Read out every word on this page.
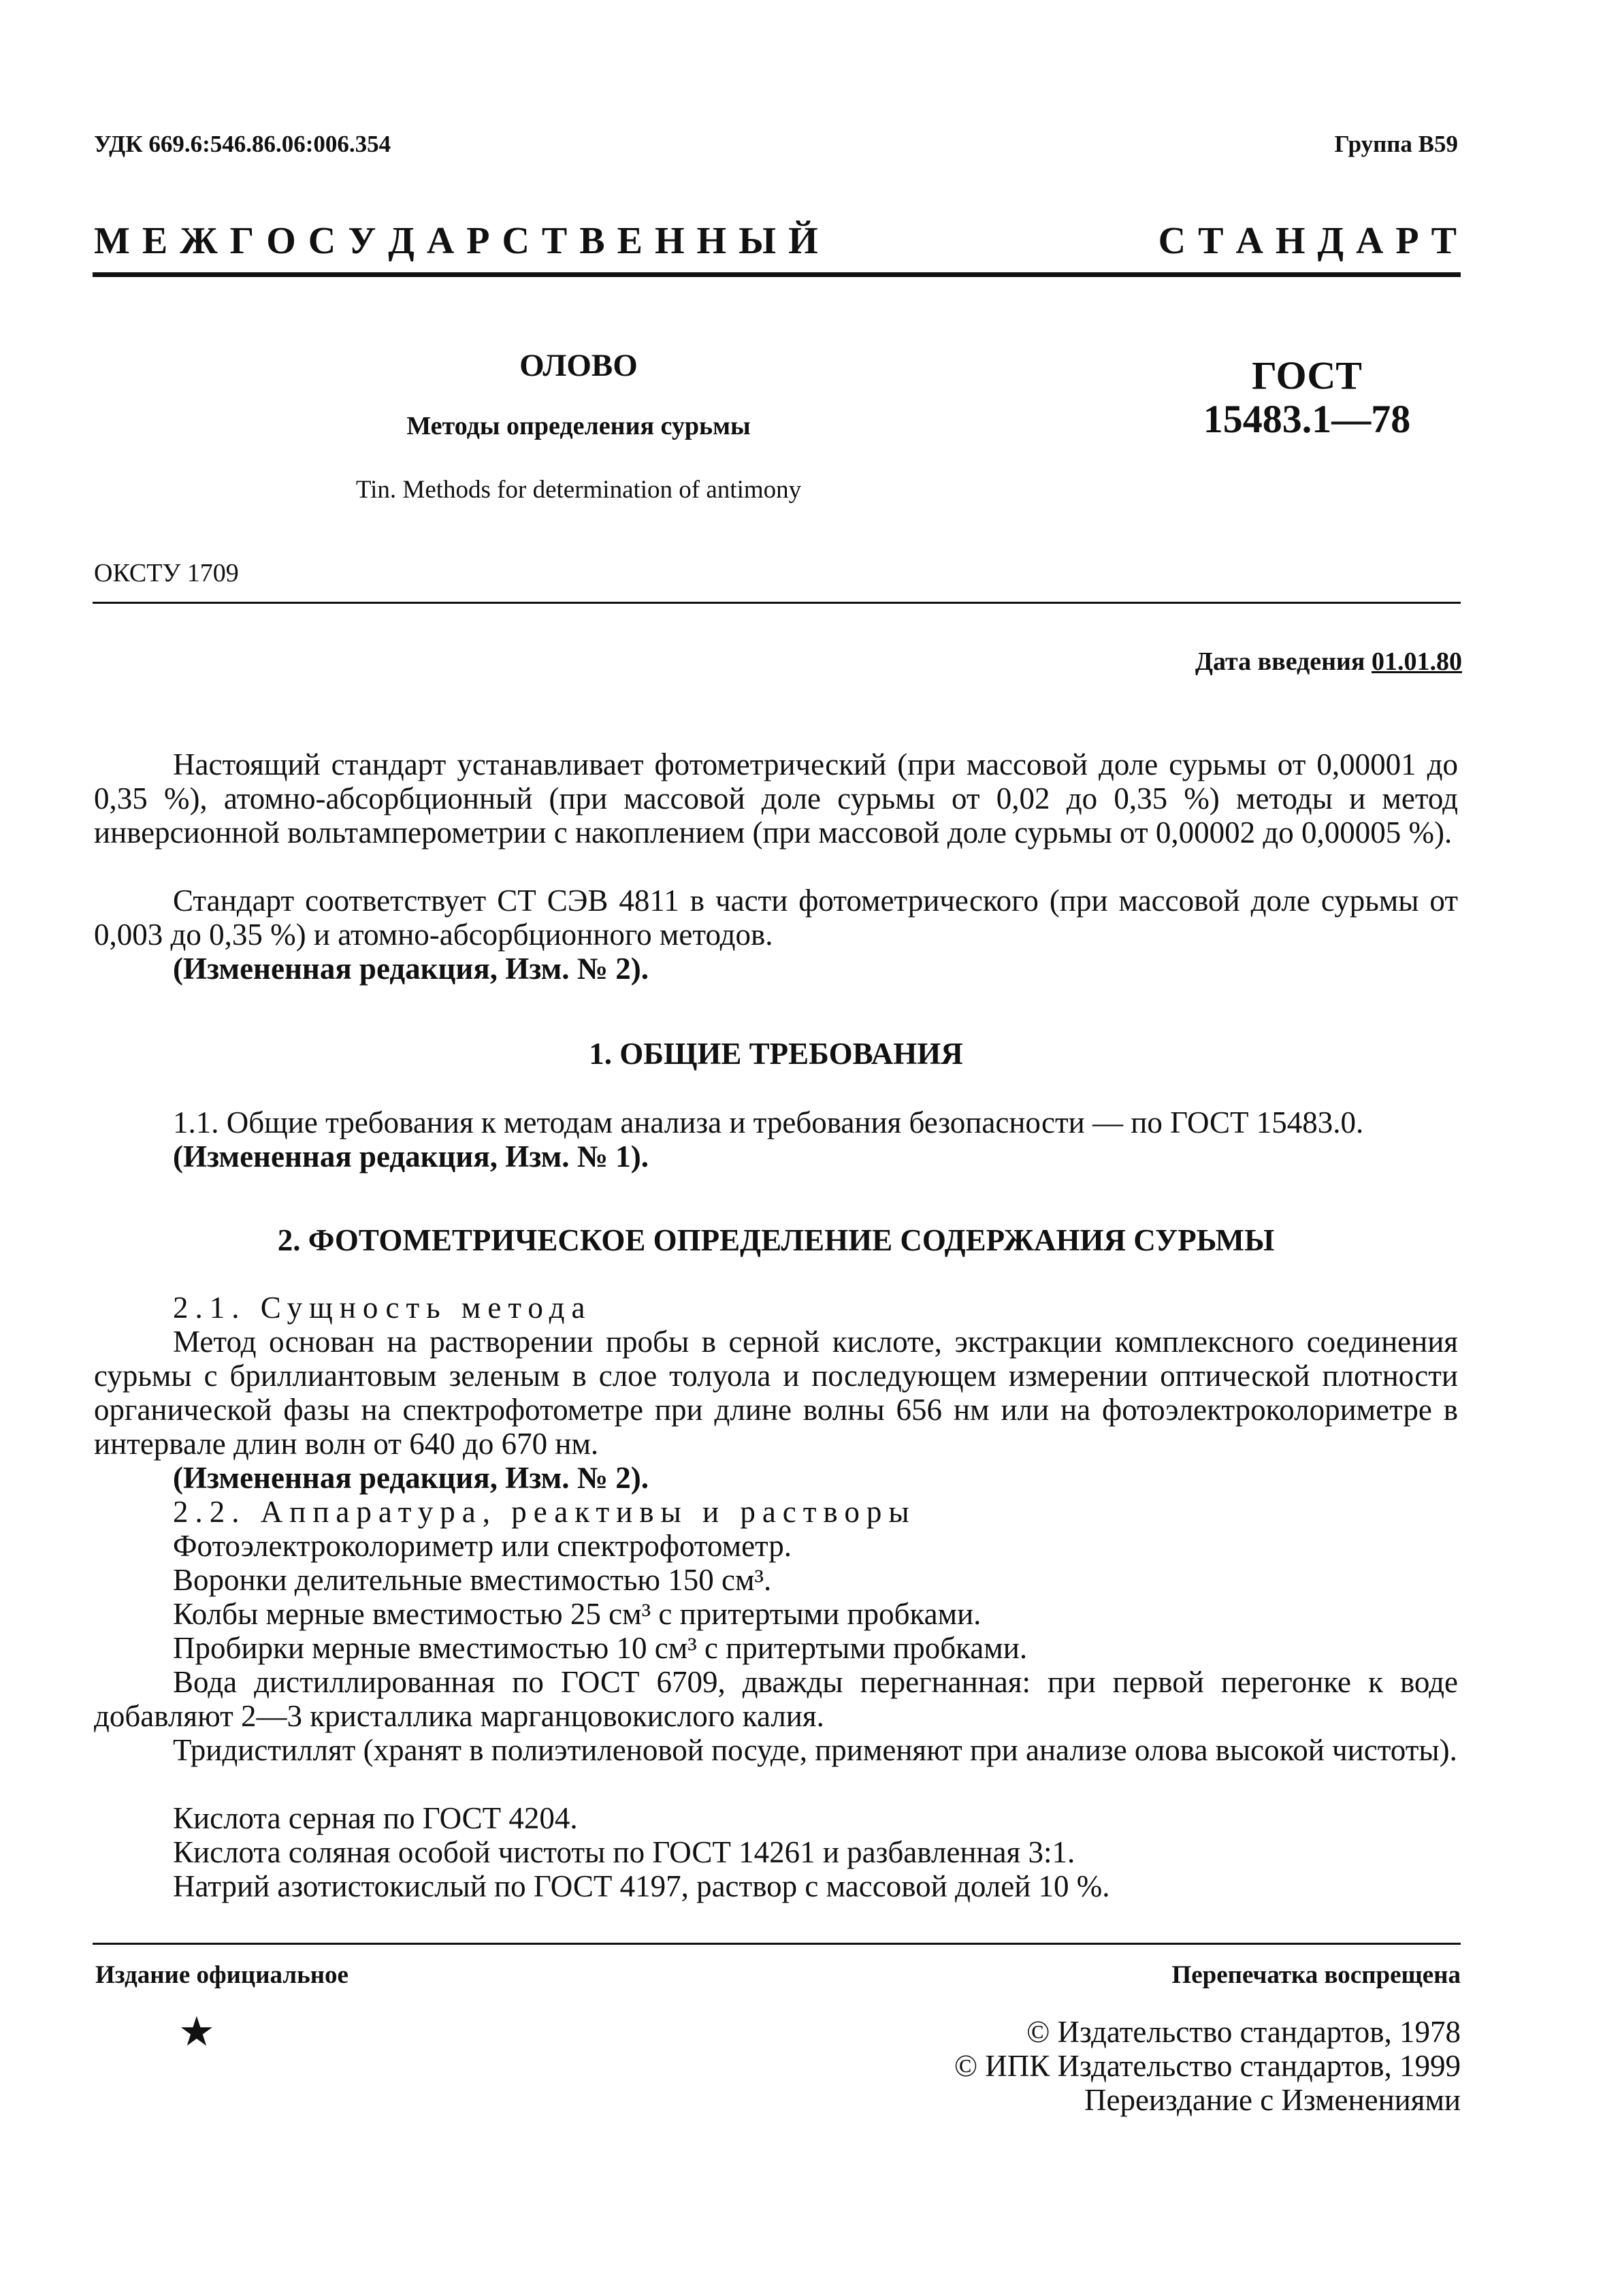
УДК 669.6:546.86.06:006.354	Группа В59
М Е Ж Г О С У Д А Р С Т В Е Н Н Ы Й	С Т А Н Д А Р Т
ОЛОВО
Методы определения сурьмы
Tin. Methods for determination of antimony
ГОСТ
15483.1—78
ОКСТУ 1709
Дата введения 01.01.80
Настоящий стандарт устанавливает фотометрический (при массовой доле сурьмы от 0,00001 до 0,35 %), атомно-абсорбционный (при массовой доле сурьмы от 0,02 до 0,35 %) методы и метод инверсионной вольтамперометрии с накоплением (при массовой доле сурьмы от 0,00002 до 0,00005 %).
Стандарт соответствует СТ СЭВ 4811 в части фотометрического (при массовой доле сурьмы от 0,003 до 0,35 %) и атомно-абсорбционного методов.
(Измененная редакция, Изм. № 2).
1. ОБЩИЕ ТРЕБОВАНИЯ
1.1. Общие требования к методам анализа и требования безопасности — по ГОСТ 15483.0.
(Измененная редакция, Изм. № 1).
2. ФОТОМЕТРИЧЕСКОЕ ОПРЕДЕЛЕНИЕ СОДЕРЖАНИЯ СУРЬМЫ
2.1. Сущность метода
Метод основан на растворении пробы в серной кислоте, экстракции комплексного соединения сурьмы с бриллиантовым зеленым в слое толуола и последующем измерении оптической плотности органической фазы на спектрофотометре при длине волны 656 нм или на фотоэлектроколориметре в интервале длин волн от 640 до 670 нм.
(Измененная редакция, Изм. № 2).
2.2. Аппаратура, реактивы и растворы
Фотоэлектроколориметр или спектрофотометр.
Воронки делительные вместимостью 150 см³.
Колбы мерные вместимостью 25 см³ с притертыми пробками.
Пробирки мерные вместимостью 10 см³ с притертыми пробками.
Вода дистиллированная по ГОСТ 6709, дважды перегнанная: при первой перегонке к воде добавляют 2—3 кристаллика марганцовокислого калия.
Тридистиллят (хранят в полиэтиленовой посуде, применяют при анализе олова высокой чистоты).
Кислота серная по ГОСТ 4204.
Кислота соляная особой чистоты по ГОСТ 14261 и разбавленная 3:1.
Натрий азотистокислый по ГОСТ 4197, раствор с массовой долей 10 %.
Издание официальное	Перепечатка воспрещена
★	© Издательство стандартов, 1978
© ИПК Издательство стандартов, 1999
Переиздание с Изменениями
